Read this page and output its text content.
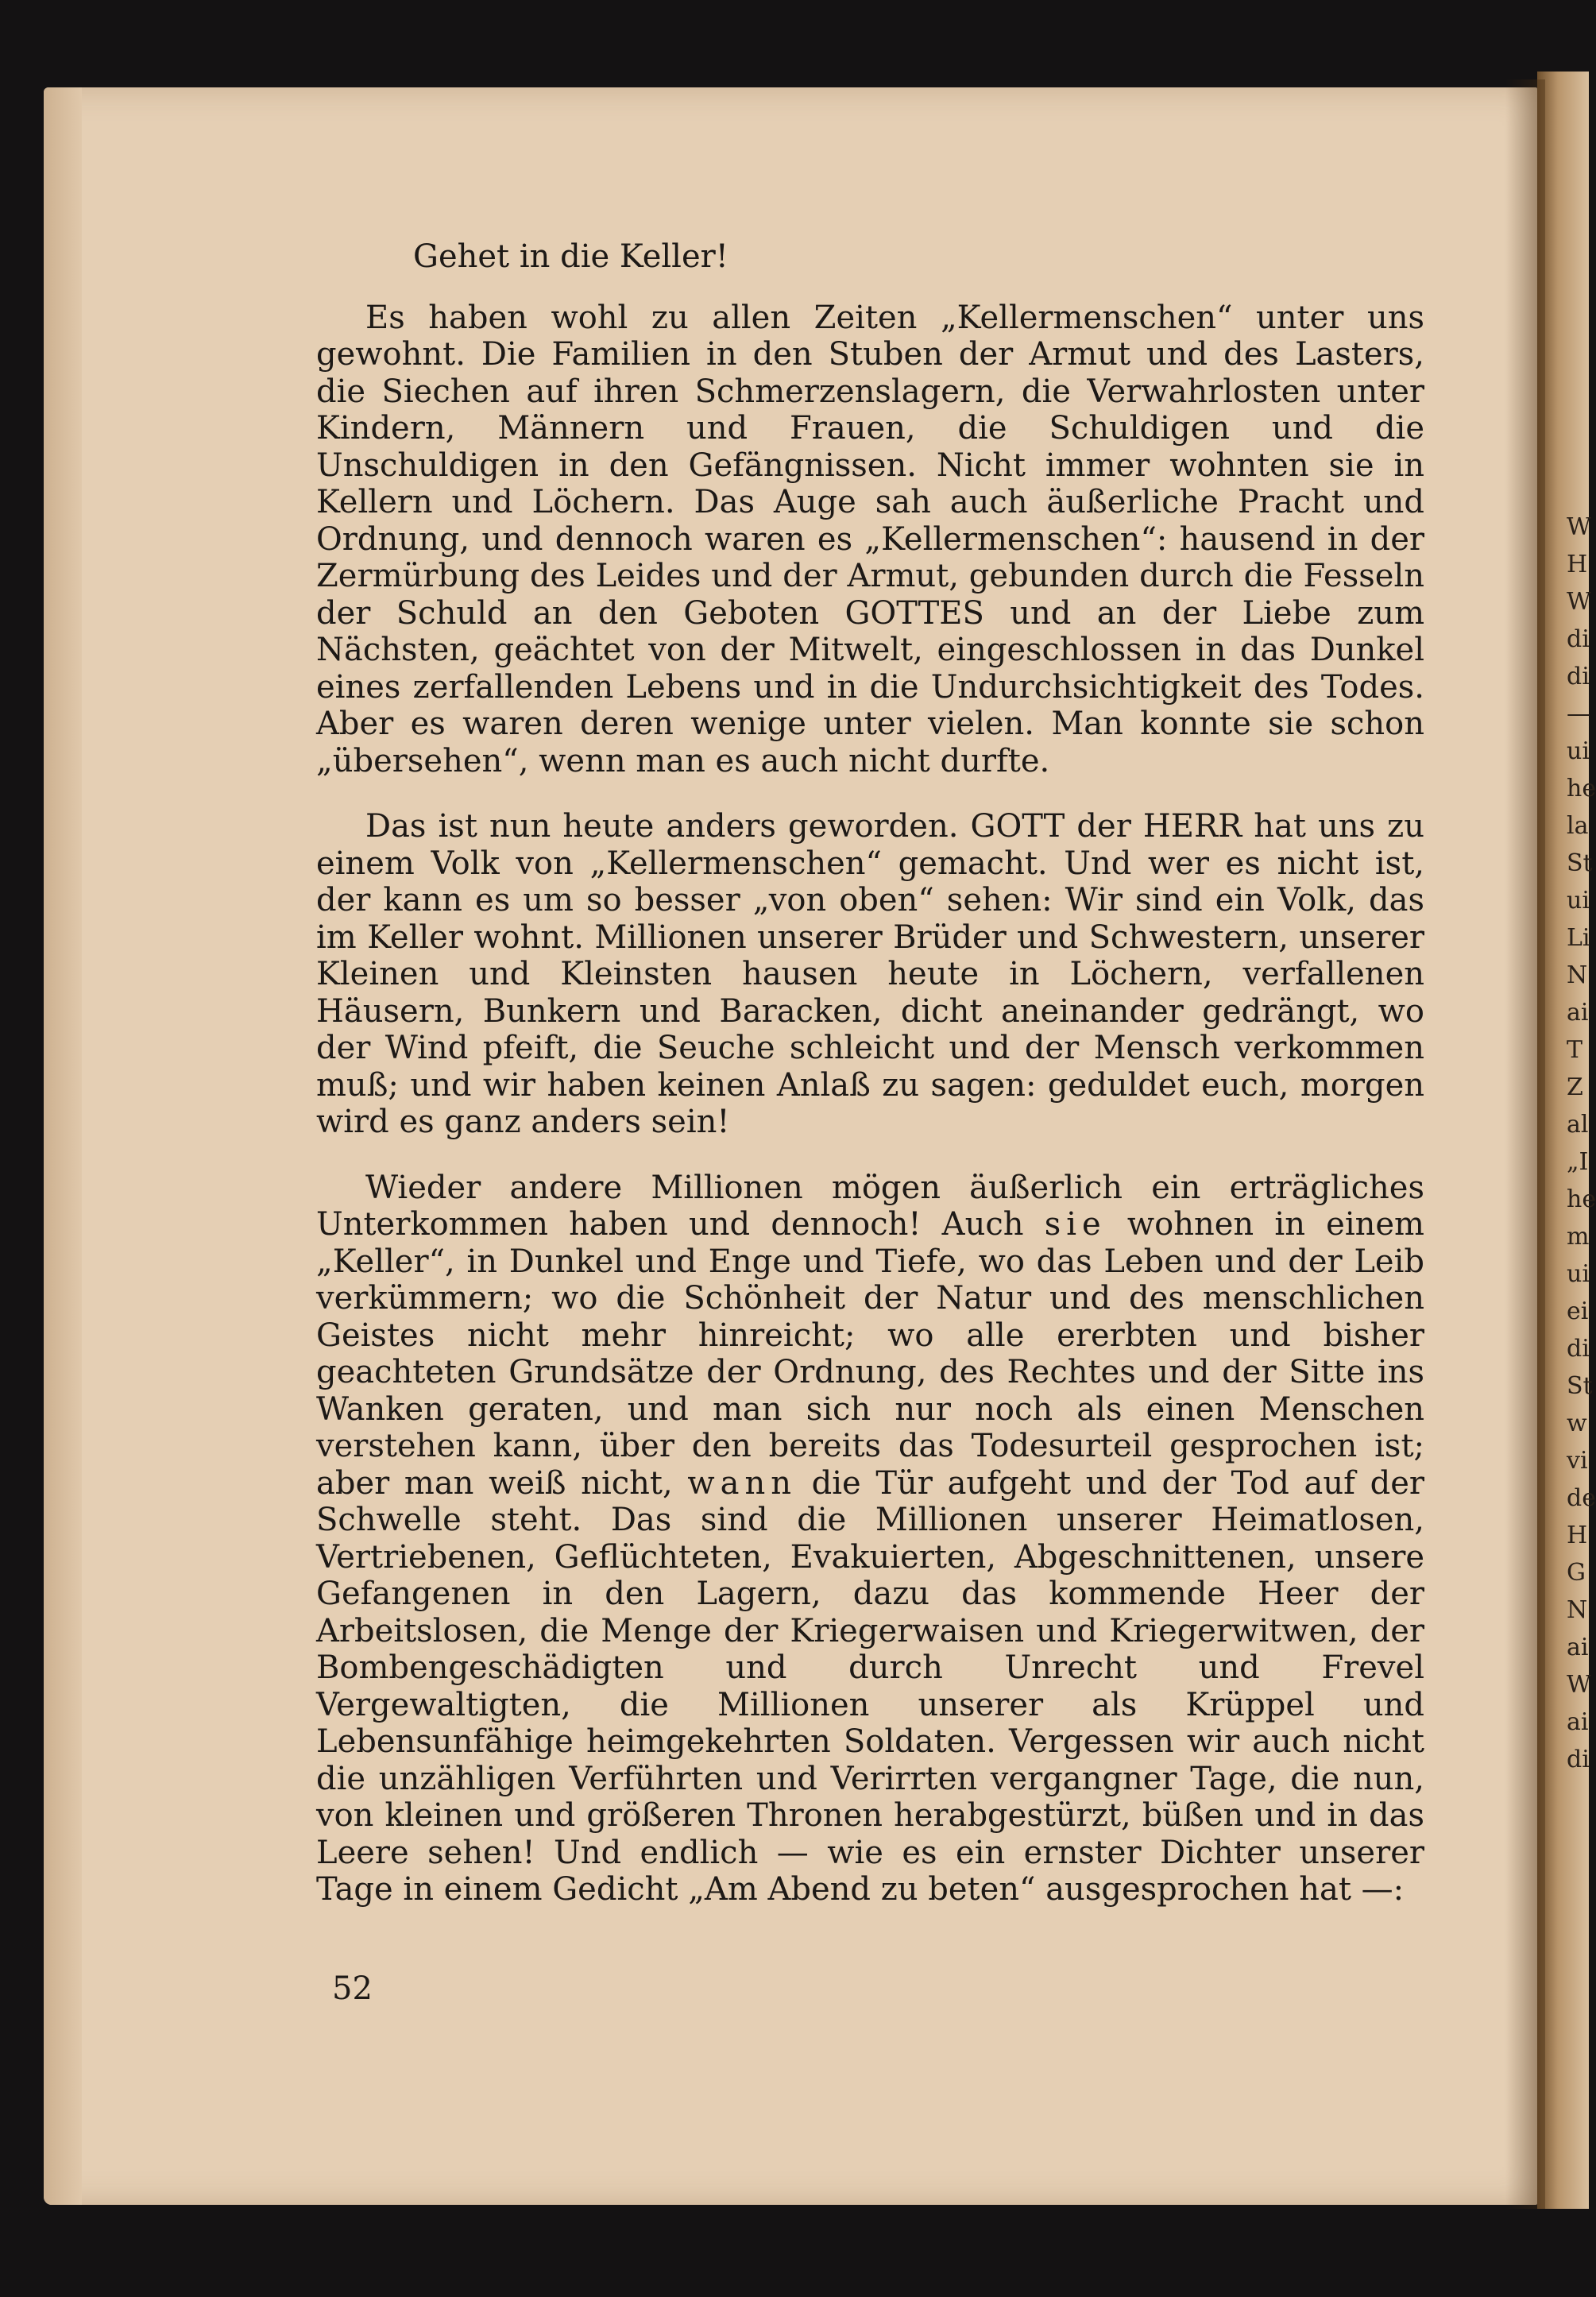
W
H
W
di
di
—
ui
he
la
St
ui
Li
N
ai
T
Z
al
„I
he
m
ui
ei
di
St
w
vi
de
H
G
N
ai
W
ai
di

Gehet in die Keller!

Es haben wohl zu allen Zeiten „Kellermenschen“ unter uns gewohnt. Die Familien in den Stuben der Armut und des Lasters, die Siechen auf ihren Schmerzenslagern, die Verwahrlosten unter Kindern, Männern und Frauen, die Schuldigen und die Unschuldigen in den Gefängnissen. Nicht immer wohnten sie in Kellern und Löchern. Das Auge sah auch äußerliche Pracht und Ordnung, und dennoch waren es „Kellermenschen“: hausend in der Zermürbung des Leides und der Armut, gebunden durch die Fesseln der Schuld an den Geboten GOTTES und an der Liebe zum Nächsten, geächtet von der Mitwelt, eingeschlossen in das Dunkel eines zerfallenden Lebens und in die Undurchsichtigkeit des Todes. Aber es waren deren wenige unter vielen. Man konnte sie schon „übersehen“, wenn man es auch nicht durfte.

Das ist nun heute anders geworden. GOTT der HERR hat uns zu einem Volk von „Kellermenschen“ gemacht. Und wer es nicht ist, der kann es um so besser „von oben“ sehen: Wir sind ein Volk, das im Keller wohnt. Millionen unserer Brüder und Schwestern, unserer Kleinen und Kleinsten hausen heute in Löchern, verfallenen Häusern, Bunkern und Baracken, dicht aneinander gedrängt, wo der Wind pfeift, die Seuche schleicht und der Mensch verkommen muß; und wir haben keinen Anlaß zu sagen: geduldet euch, morgen wird es ganz anders sein!

Wieder andere Millionen mögen äußerlich ein erträgliches Unterkommen haben und dennoch! Auch sie wohnen in einem „Keller“, in Dunkel und Enge und Tiefe, wo das Leben und der Leib verkümmern; wo die Schönheit der Natur und des menschlichen Geistes nicht mehr hinreicht; wo alle ererbten und bisher geachteten Grundsätze der Ordnung, des Rechtes und der Sitte ins Wanken geraten, und man sich nur noch als einen Menschen verstehen kann, über den bereits das Todesurteil gesprochen ist; aber man weiß nicht, wann die Tür aufgeht und der Tod auf der Schwelle steht. Das sind die Millionen unserer Heimatlosen, Vertriebenen, Geflüchteten, Evakuierten, Abgeschnittenen, unsere Gefangenen in den Lagern, dazu das kommende Heer der Arbeitslosen, die Menge der Kriegerwaisen und Kriegerwitwen, der Bombengeschädigten und durch Unrecht und Frevel Vergewaltigten, die Millionen unserer als Krüppel und Lebensunfähige heimgekehrten Soldaten. Vergessen wir auch nicht die unzähligen Verführten und Verirrten vergangner Tage, die nun, von kleinen und größeren Thronen herabgestürzt, büßen und in das Leere sehen! Und endlich — wie es ein ernster Dichter unserer Tage in einem Gedicht „Am Abend zu beten“ ausgesprochen hat —:

52
